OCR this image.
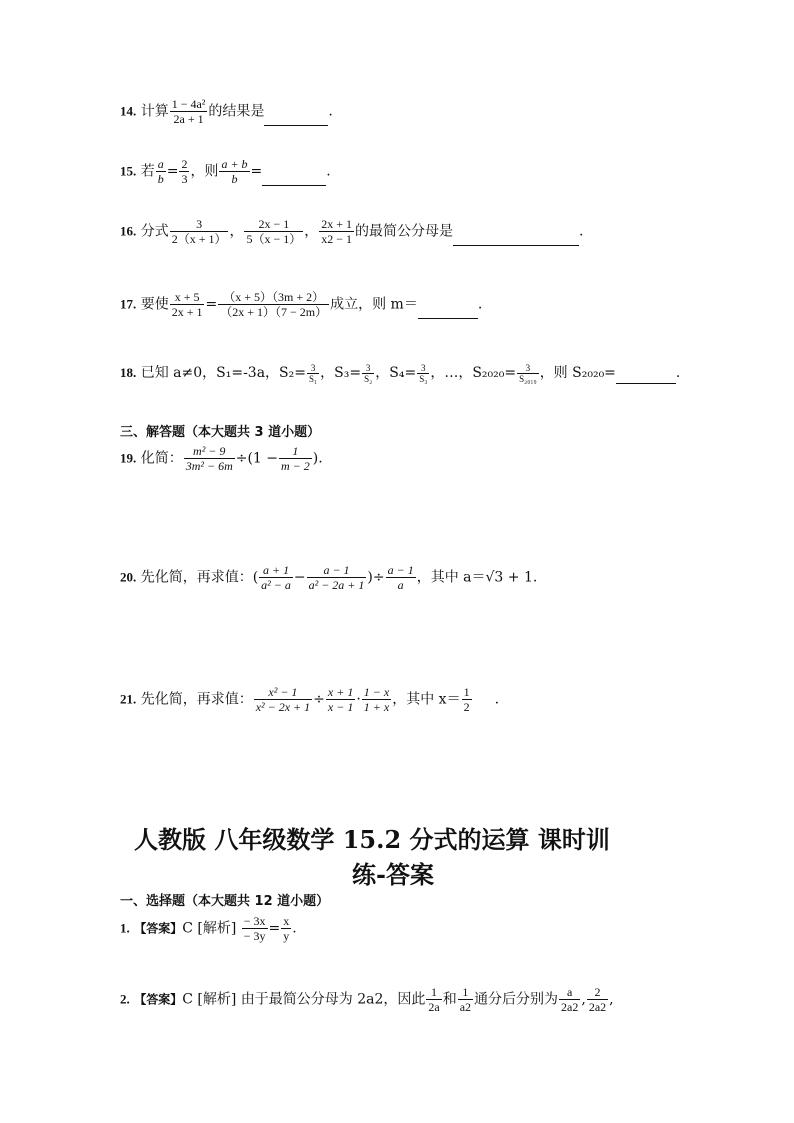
14. 计算 $\frac{\text{1 − 4a²}}{2a + 1}$ 的结果是	.
15. 若 $\frac{a}{b} = \frac{2}{3}$ ，则 $\frac{a + b}{b}$ =	.
16. 分式 $\frac{3}{2(x + 1)}$ ， $\frac{2x - 1}{5(x - 1)}$ ， $\frac{2x + 1}{x2 - 1}$ 的最简公分母是	.
17. 要使 $\frac{x + 5}{2x + 1} = \frac{(x + 5)(3m + 2)}{(2x + 1)(7 - 2m)}$ 成立，则 m＝	.
18. 已知 a≠0，S₁=-3a，$S_2= \frac{3}{\text{S₁}}$ ，$S_3= \frac{3}{\text{S₂}}$ ，$S_4= \frac{3}{\text{S₃}}$ ，…，$S_{2020}= \frac{3}{\text{S₂₀₁₉}}$ ，则 S₂₀₂₀=	.
三、解答题（本大题共 3 道小题）
19. 化简： $\frac{\text{m² − 9}}{\text{3m² − 6m}} \div(1 - \frac{1}{m - 2}$ ).
20. 先化简，再求值：( $\frac{a + 1}{\text{a² − a}} - \frac{a - 1}{\text{a² − 2a + 1}}$ )÷ $\frac{a - 1}{a}$ ，其中 a＝√3 + 1.
21. 先化简，再求值： $\frac{\text{x² − 1}}{\text{x² − 2x + 1}} \div \frac{x + 1}{x - 1} \cdot \frac{1 - x}{1 + x}$ ，其中 $x= \frac{1}{2}$ .
人教版 八年级数学 15.2 分式的运算 课时训
练-答案
一、选择题（本大题共 12 道小题）
1. 【答案】C [解析] $\frac{- 3x}{- 3y} = \frac{x}{y}$ .
2. 【答案】C [解析] 由于最简公分母为 2a2，因此 $\frac{1}{2a}$ 和 $\frac{1}{a2}$ 通分后分别为 $\frac{a}{2a2}$ , $\frac{2}{2a2}$ ,
